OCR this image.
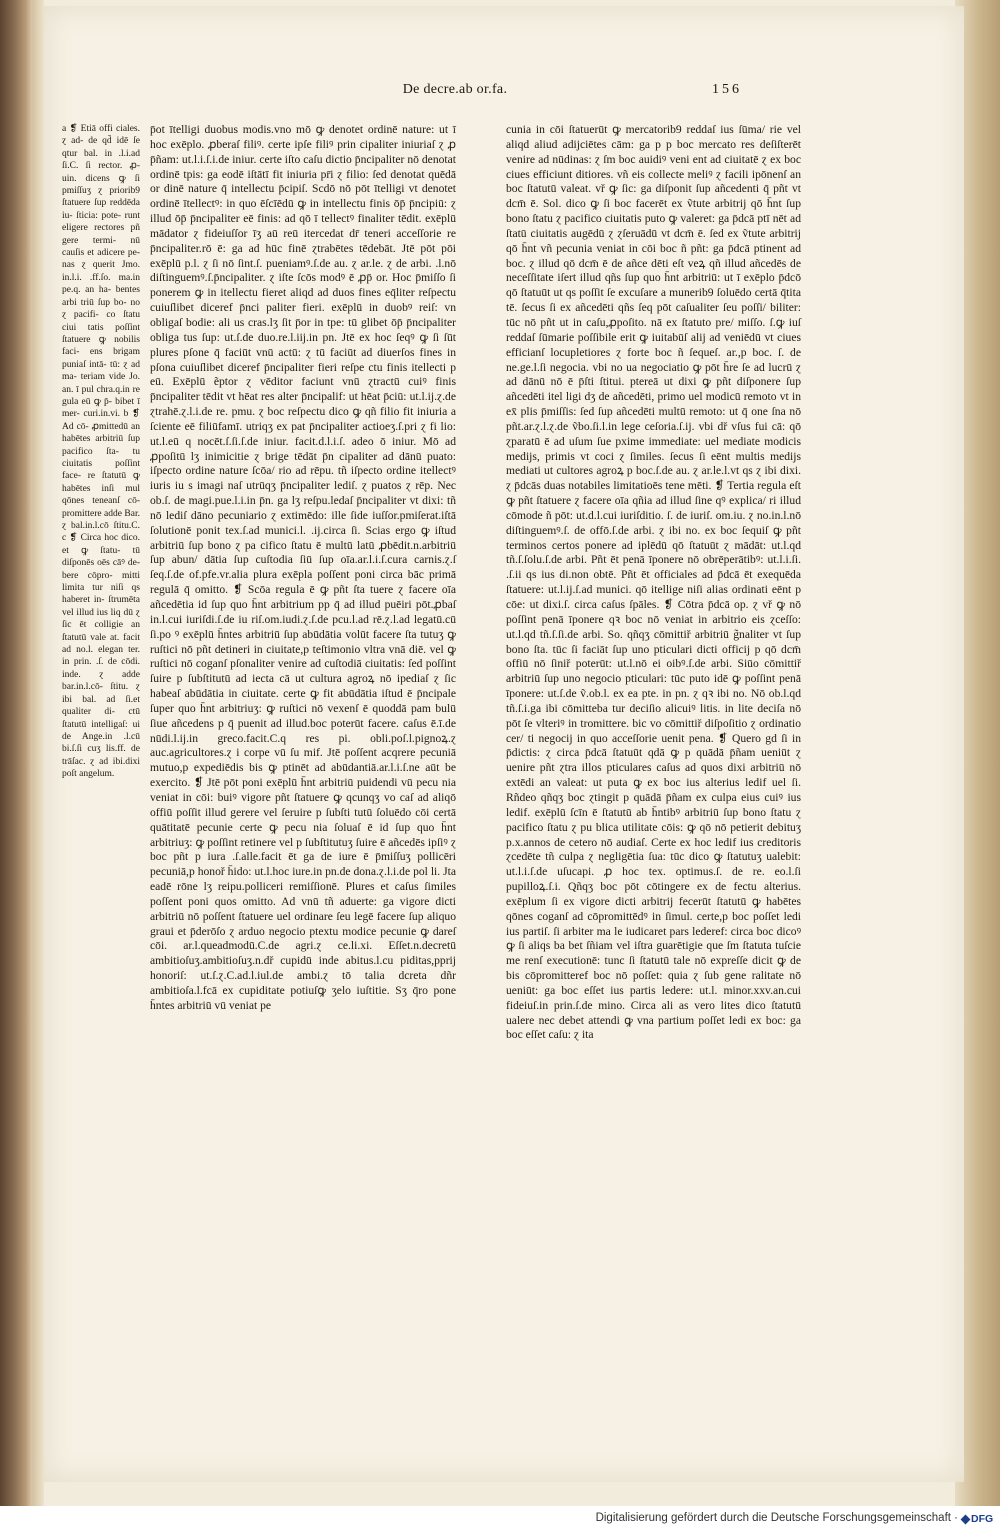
De decre.ab or.fa.	156

a ❡ Etiā offi ciales. ɀ ad- de qd̄ idē ſe qtur bal. in .l.i.ad ſi.C. ſi rector. ꝓ- uin. dicens ꝙ ſi pmiſſuʒ ɀ priorib9 ſtatuere ſup reddēda iu- ſticia: pote- runt eligere rectores pñ gere termi- nū cauſis et adicere pe- nas ɀ querit Jmo. in.l.i. .ff.ſo. ma.in pe.q. an ha- bentes arbi triū ſup bo- no ɀ pacifi- co ſtatu ciui tatis poſſint ſtatuere ꝙ nobilis faci- ens brigam puniaſ intā- tū: ɀ ad ma- teriam vide Jo. an. ī pul chra.q.in re gula eū ꝙ p̄- bibet ī mer- curi.in.vi. b ❡ Ad cō- ꝓmittedū an habētes arbitriū ſup pacifico ſta- tu ciuitatis poſſint face- re ſtatutū ꝙ habētes inſi mul qōnes teneanſ cō- promittere adde Bar. ɀ bal.in.l.cō ſtitu.C. c ❡ Circa hoc dico. et ꝙ ſtatu- tū diſponēs oēs cāꝰ de- bere cōpro- mitti limita tur niſi qs haberet in- ſtrumēta vel illud ius liq dū ɀ ſic ēt colligie an ſtatutū vale at. facit ad no.l. elegan ter. in prin. .ſ. de cōdi. inde. ɀ adde bar.in.l.cō- ſtitu. ɀ ibi bal. ad ſi.et qualiter di- ctū ſtatutū intelligaſ: ui de Ange.in .l.cū bi.ſ.ſi cuʒ lis.ff. de trāſac. ɀ ad ibi.dixi poſt angelum.

p̄ot ītelligi duobus modis.vno mō ꝙ denotet ordinē nature: ut ī hoc exēplo. ꝓberaſ filiꝰ. certe ipſe filiꝰ prin cipaliter iniuriaſ ɀ ꝓ p̄ñam: ut.l.i.ſ.i.de iniur. certe iſto caſu dictio p̄ncipaliter nō denotat ordinē tpis: ga eodē iſtātī fit iniuria pr̄i ɀ filio: ſed denotat quēdā or dinē nature q̄ intellectu p̄cipiſ. Scdō nō pōt ītelligi vt denotet ordinē ītellectꝰ: in quo ēſcīēdū ꝙ in intellectu finis ōp̄ p̄ncipiū: ɀ illud ōp̄ p̄ncipaliter eē finis: ad qō ī tellectꝰ finaliter tēdit. exēplū mādator ɀ fideiuſſor īʒ aū reū itercedat dr̄ teneri acceſſorie re p̄ncipaliter.rō ē: ga ad hūc finē ɀtrabētes tēdebāt. Jtē pōt pōi exēplū p.l. ɀ ſi nō ſint.ſ. pueniamꝰ.ſ.de au. ɀ ar.le. ɀ de arbi. .l.nō diſtinguemꝰ.ſ.p̄ncipaliter. ɀ iſte ſcōs modꝰ ē ꝓp̄ or. Hoc p̄miſſo ſi ponerem ꝙ in itellectu fieret aliqd ad duos fines eq̄liter reſpectu cuiuſlibet diceref p̄nci paliter fieri. exēplū in duobꝰ reiſ: vn obligaſ bodie: ali us cras.lʒ ſit p̄or in tpe: tū glibet ōp̄ p̄ncipaliter obliga tus ſup: ut.ſ.de duo.re.l.iij.in pn. Jtē ex hoc ſeqꝰ ꝙ ſi ſūt plures pſone q̄ faciūt vnū actū: ɀ tū faciūt ad diuerſos fines in pſona cuiuſlibet diceref p̄ncipaliter fieri reſpe ctu finis itellecti p eū. Exēplū ẽptor ɀ vēditor faciunt vnū ɀtractū cuiꝰ finis p̄ncipaliter tēdit vt hēat res alter p̄ncipalif: ut hēat p̄ciū: ut.l.ij.ɀ.de ɀtrahē.ɀ.l.i.de re. pmu. ɀ boc reſpectu dico ꝙ qñ filio fit iniuria a ſciente eē filiūfamī. utriqʒ ex pat p̄ncipaliter actioeʒ.ſ.pri ɀ fi lio: ut.l.eū q nocēt.ſ.ſi.ſ.de iniur. facit.d.l.i.ſ. adeo ō iniur. Mō ad ꝓpoſitū lʒ inimicitie ɀ brige tēdāt p̄n cipaliter ad dānū puato: iſpecto ordine nature ſcōa/ rio ad rēpu. tñ iſpecto ordine itellectꝰ iuris iu s imagi naſ utrūqʒ p̄ncipaliter lediſ. ɀ puatos ɀ rēp. Nec ob.ſ. de magi.pue.l.i.in p̄n. ga lʒ reſpu.ledaſ p̄ncipaliter vt dixi: tñ nō lediſ dāno pecuniario ɀ extimēdo: ille ſide iuſſor.pmiſerat.iſtā ſolutionē ponit tex.ſ.ad munici.l. .ij.circa ſi. Scias ergo ꝙ iſtud arbitriū ſup bono ɀ pa cifico ſtatu ē multū latū ꝓbēdit.n.arbitriū ſup abun/ dātia ſup cuſtodia ſiū ſup oīa.ar.l.i.ſ.cura carnis.ɀ.ſ ſeq.ſ.de of.pfe.vr.alia plura exēpla poſſent poni circa bāc primā regulā q̄ omitto. ❡ Scōa regula ē ꝙ pñt ſta tuere ɀ facere oīa añcedētia id ſup quo h̄nt arbitrium pp q̄ ad illud puēiri pōt.ꝓbaſ in.l.cui iuriſdi.ſ.de iu riſ.om.iudi.ɀ.ſ.de pcu.l.ad rē.ɀ.l.ad legatū.cū ſi.po ꝰ exēplū h̄ntes arbitriū ſup abūdātia volūt facere ſta tutuʒ ꝙ ruſtici nō pñt detineri in ciuitate,p teſtimonio vltra vnā diē. vel ꝙ ruſtici nō coganſ pſonaliter venire ad cuſtodiā ciuitatis: ſed poſſint ſuire p ſubſtitutū ad iecta cā ut cultura agroꝝ nō ipediaſ ɀ ſic habeaſ abūdātia in ciuitate. certe ꝙ fit abūdātia iſtud ē p̄ncipale ſuper quo h̄nt arbitriuʒ: ꝙ ruſtici nō vexenſ ē quoddā pam bulū ſiue añcedens p q̄ puenit ad illud.boc poterūt facere. caſus ē.ī.de nūdi.l.ij.in greco.facit.C.q res pi. obli.poſ.l.pignoꝝ.ɀ auc.agricultores.ɀ i corpe vū ſu mif. Jtē poſſent acqrere pecuniā mutuo,p expediēdis bis ꝙ ptinēt ad abūdantiā.ar.l.i.ſ.ne aūt be exercito. ❡ Jtē pōt poni exēplū h̄nt arbitriū puidendi vū pecu nia veniat in cōi: buiꝰ vigore pñt ſtatuere ꝙ qcunqʒ vo caſ ad aliqō offiū poſſit illud gerere vel ſeruire p ſubſti tutū ſoluēdo cōi certā quātitatē pecunie certe ꝙ pecu nia ſoluaſ ē id ſup quo h̄nt arbitriuʒ: ꝙ poſſint retinere vel p ſubſtitutuʒ ſuire ē añcedēs ipſiꝰ ɀ boc pñt p iura .ſ.alle.facit ēt ga de iure ē p̄miſſuʒ pollicēri pecuniā,p honoř h̄ido: ut.l.hoc iure.in pn.de dona.ɀ.l.i.de pol li. Jta eadē rōne lʒ reipu.polliceri remiſſionē. Plures et caſus ſimiles poſſent poni quos omitto. Ad vnū tñ aduerte: ga vigore dicti arbitriū nō poſſent ſtatuere uel ordinare ſeu legē facere ſup aliquo graui et p̄derōſo ɀ arduo negocio ptextu modice pecunie ꝙ dareſ cōi. ar.l.queadmodū.C.de agri.ɀ ce.li.xi. Eſſet.n.decretū ambitioſuʒ.ambitioſuʒ.n.dř cupidū inde abitus.l.cu piditas,pprij honoriſ: ut.ſ.ɀ.C.ad.l.iul.de ambi.ɀ tō talia dcreta dñr ambitioſa.l.fcā ex cupiditate potiuſꝙ ʒelo iuſtitie. Sʒ q̄ro pone h̄ntes arbitriū vū veniat pe

cunia in cōi ſtatuerūt ꝙ mercatorib9 reddaſ ius ſūma/ rie vel aliqd aliud adijciētes cām: ga p p boc mercato res deſiſterēt venire ad nūdinas: ɀ ſm boc auidiꝰ veni ent ad ciuitatē ɀ ex boc ciues efficiunt ditiores. vñ eis collecte meliꝰ ɀ facili ipōnenſ an boc ſtatutū valeat. vř ꝙ ſic: ga diſponit ſup añcedenti q̄ pñt vt dcm̄ ē. Sol. dico ꝙ ſi boc facerēt ex ṽtute arbitrij qō h̄nt ſup bono ſtatu ɀ pacifico ciuitatis puto ꝙ valeret: ga p̄dcā ptī nēt ad ſtatū ciuitatis augēdū ɀ ɀſeruādū vt dcm̄ ē. ſed ex ṽtute arbitrij qō h̄nt vñ pecunia veniat in cōi boc ñ pñt: ga p̄dcā ptinent ad boc. ɀ illud qō dcm̄ ē de añce dēti eſt veꝝ qñ illud añcedēs de neceſſitate iſert illud qñs ſup quo h̄nt arbitriū: ut ī exēplo p̄dcō qō ſtatuūt ut qs poſſit ſe excuſare a munerib9 ſoluēdo certā q̄tita tē. ſecus ſi ex añcedēti qñs ſeq pōt caſualiter ſeu poſſi/ biliter: tūc nō pñt ut in caſu,ꝓpoſito. nā ex ſtatuto pre/ miſſo. ſ.ꝙ iuſ reddaſ ſūmarie poſſibile erit ꝙ iuitabūſ alij ad veniēdū vt ciues efficianſ locupletiores ɀ forte boc ñ ſequeſ. ar.,p boc. ſ. de ne.ge.l.ſi negocia. vbi no ua negociatio ꝙ pōt h̄re ſe ad lucrū ɀ ad dānū nō ē p̄ſti ſtitui. ptereā ut dixi ꝙ pñt diſponere ſup añcedēti itel ligi dʒ de añcedēti, primo uel modicū remoto vt in ex̄ plis p̄miſſis: ſed ſup añcedēti multū remoto: ut q̄ one ſna nō pñt.ar.ɀ.l.ɀ.de ṽbo.ſi.l.in lege ceſoria.ſ.ij. vbi dř vſus fui cā: qō ɀparatū ē ad uſum ſue pxime immediate: uel mediate modicis medijs, primis vt coci ɀ ſimiles. ſecus ſi eēnt multis medijs mediati ut cultores agroꝝ p boc.ſ.de au. ɀ ar.le.l.vt qs ɀ ibi dixi. ɀ p̄dcās duas notabiles limitatioēs tene mēti. ❡ Tertia regula eſt ꝙ pñt ſtatuere ɀ facere oīa qñia ad illud ſine qꝰ explica/ ri illud cōmode ñ pōt: ut.d.l.cui iuriſditio. ſ. de iuriſ. om.iu. ɀ no.in.l.nō diſtinguemꝰ.ſ. de offō.ſ.de arbi. ɀ ibi no. ex boc ſequiſ ꝙ pñt terminos certos ponere ad iplēdū qō ſtatuūt ɀ mādāt: ut.l.qd tñ.ſ.ſolu.ſ.de arbi. Pñt ēt penā īponere nō obrēperātibꝰ: ut.l.i.ſi. .ſ.ii qs ius di.non obtē. Pñt ēt officiales ad p̄dcā ēt exequēda ſtatuere: ut.l.ij.ſ.ad munici. qō itellige niſi alias ordinati eēnt p cōe: ut dixi.ſ. circa caſus ſpāles. ❡ Cōtra p̄dcā op. ɀ vř ꝙ nō poſſint penā īponere qꝛ boc nō veniat in arbitrio eis ɀceſſo: ut.l.qd tñ.ſ.ſi.de arbi. So. qñqʒ cōmittiř arbitriū g̃naliter vt ſup bono ſta. tūc ſi faciāt ſup uno pticulari dicti officij p qō dcm̄ offiū nō ſiniř poterūt: ut.l.nō ei oibꝰ.ſ.de arbi. Siūo cōmittiř arbitriū ſup uno negocio pticulari: tūc puto idē ꝙ poſſint penā īponere: ut.ſ.de ṽ.ob.l. ex ea pte. in pn. ɀ qꝛ ibi no. Nō ob.l.qd tñ.ſ.i.ga ibi cōmitteba tur deciſio alicuiꝰ litis. in lite deciſa nō pōt ſe vlteriꝰ in tromittere. bic vo cōmittiř diſpoſitio ɀ ordinatio cer/ ti negocij in quo acceſſorie uenit pena. ❡ Quero gd ſi in p̄dictis: ɀ circa p̄dcā ſtatuūt qdā ꝙ p quādā p̄ñam ueniūt ɀ uenire pñt ɀtra illos pticulares caſus ad quos dixi arbitriū nō extēdi an valeat: ut puta ꝙ ex boc ius alterius ledif uel ſi. Rñdeo qñqʒ boc ɀtingit p quādā p̄ñam ex culpa eius cuiꝰ ius ledif. exēplū ſcīn ē ſtatutū ab h̄ntibꝰ arbitriū ſup bono ſtatu ɀ pacifico ſtatu ɀ pu blica utilitate cōis: ꝙ qō nō petierit debituʒ p.x.annos de cetero nō audiaſ. Certe ex hoc ledif ius creditoris ɀcedēte tñ culpa ɀ negligētia ſua: tūc dico ꝙ ſtatutuʒ ualebit: ut.l.i.ſ.de uſucapi. ꝓ hoc tex. optimus.ſ. de re. eo.l.ſi pupilloꝝ.ſ.i. Qñqʒ boc pōt cōtingere ex de fectu alterius. exēplum ſi ex vigore dicti arbitrij fecerūt ſtatutū ꝙ habētes qōnes coganſ ad cōpromittēdꝰ in ſimul. certe,p boc poſſet ledi ius partiſ. ſi arbiter ma le iudicaret pars lederef: circa boc dicoꝰ ꝙ ſi aliqs ba bet ſñiam vel iſtra guarētigie que ſm ſtatuta tuſcie me renſ executionē: tunc ſi ſtatutū tale nō expreſſe dicit ꝙ de bis cōpromitteref boc nō poſſet: quia ɀ ſub gene ralitate nō ueniūt: ga boc eſſet ius partis ledere: ut.l. minor.xxv.an.cui fideiuſ.in prin.ſ.de mino. Circa ali as vero lites dico ſtatutū ualere nec debet attendi ꝙ vna partium poſſet ledi ex boc: ga boc eſſet caſu: ɀ ita

Digitalisierung gefördert durch die Deutsche Forschungsgemeinschaft · DFG
